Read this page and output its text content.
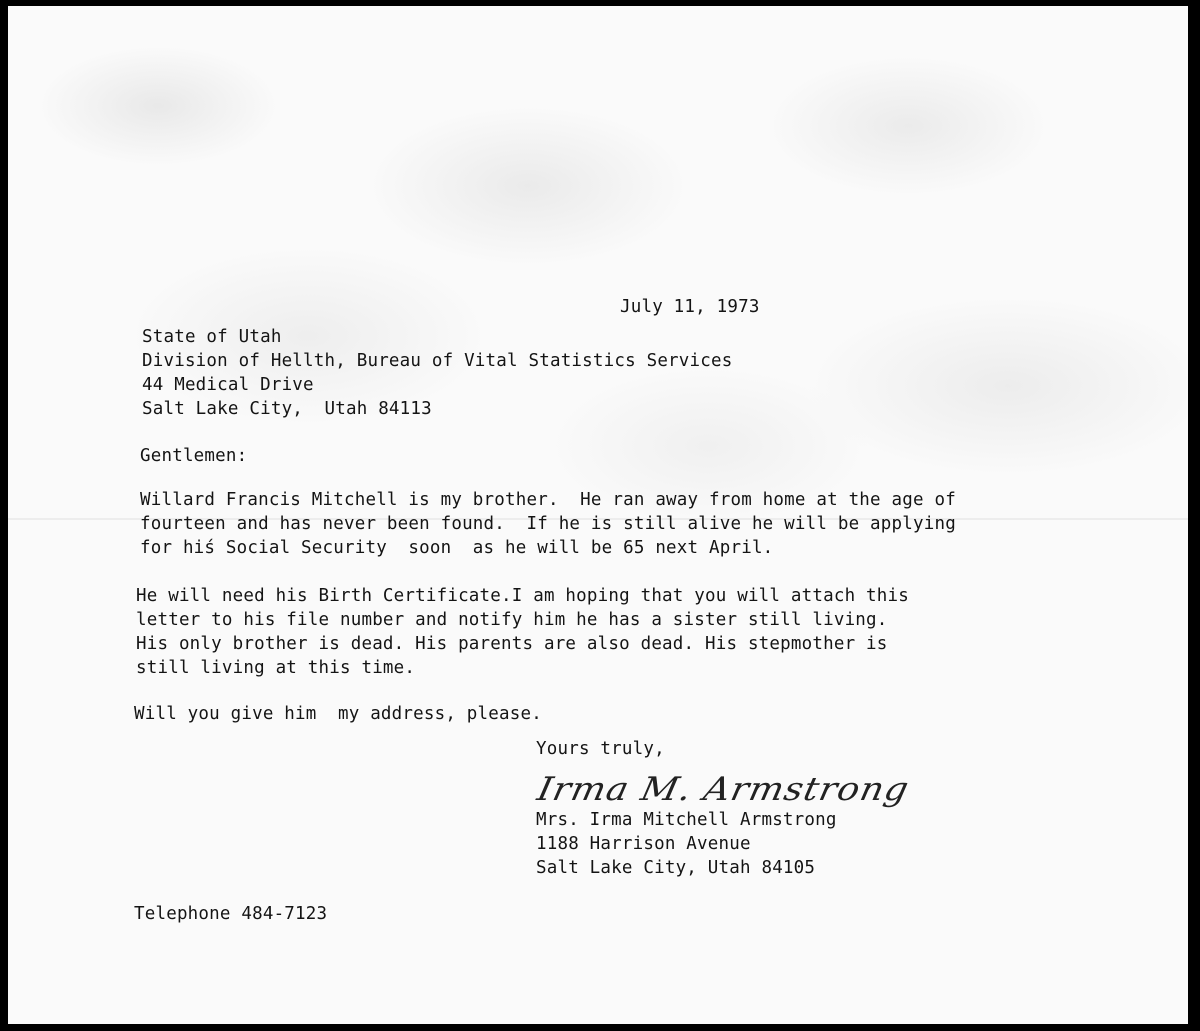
July 11, 1973

State of Utah

Division of Hellth, Bureau of Vital Statistics Services

44 Medical Drive

Salt Lake City,  Utah 84113

Gentlemen:

Willard Francis Mitchell is my brother.  He ran away from home at the age of

fourteen and has never been found.  If he is still alive he will be applying

for hiś Social Security  soon  as he will be 65 next April.

He will need his Birth Certificate.I am hoping that you will attach this

letter to his file number and notify him he has a sister still living.

His only brother is dead. His parents are also dead. His stepmother is

still living at this time.

Will you give him  my address, please.

Yours truly,

Irma M. Armstrong

Mrs. Irma Mitchell Armstrong

1188 Harrison Avenue

Salt Lake City, Utah 84105

Telephone 484-7123
